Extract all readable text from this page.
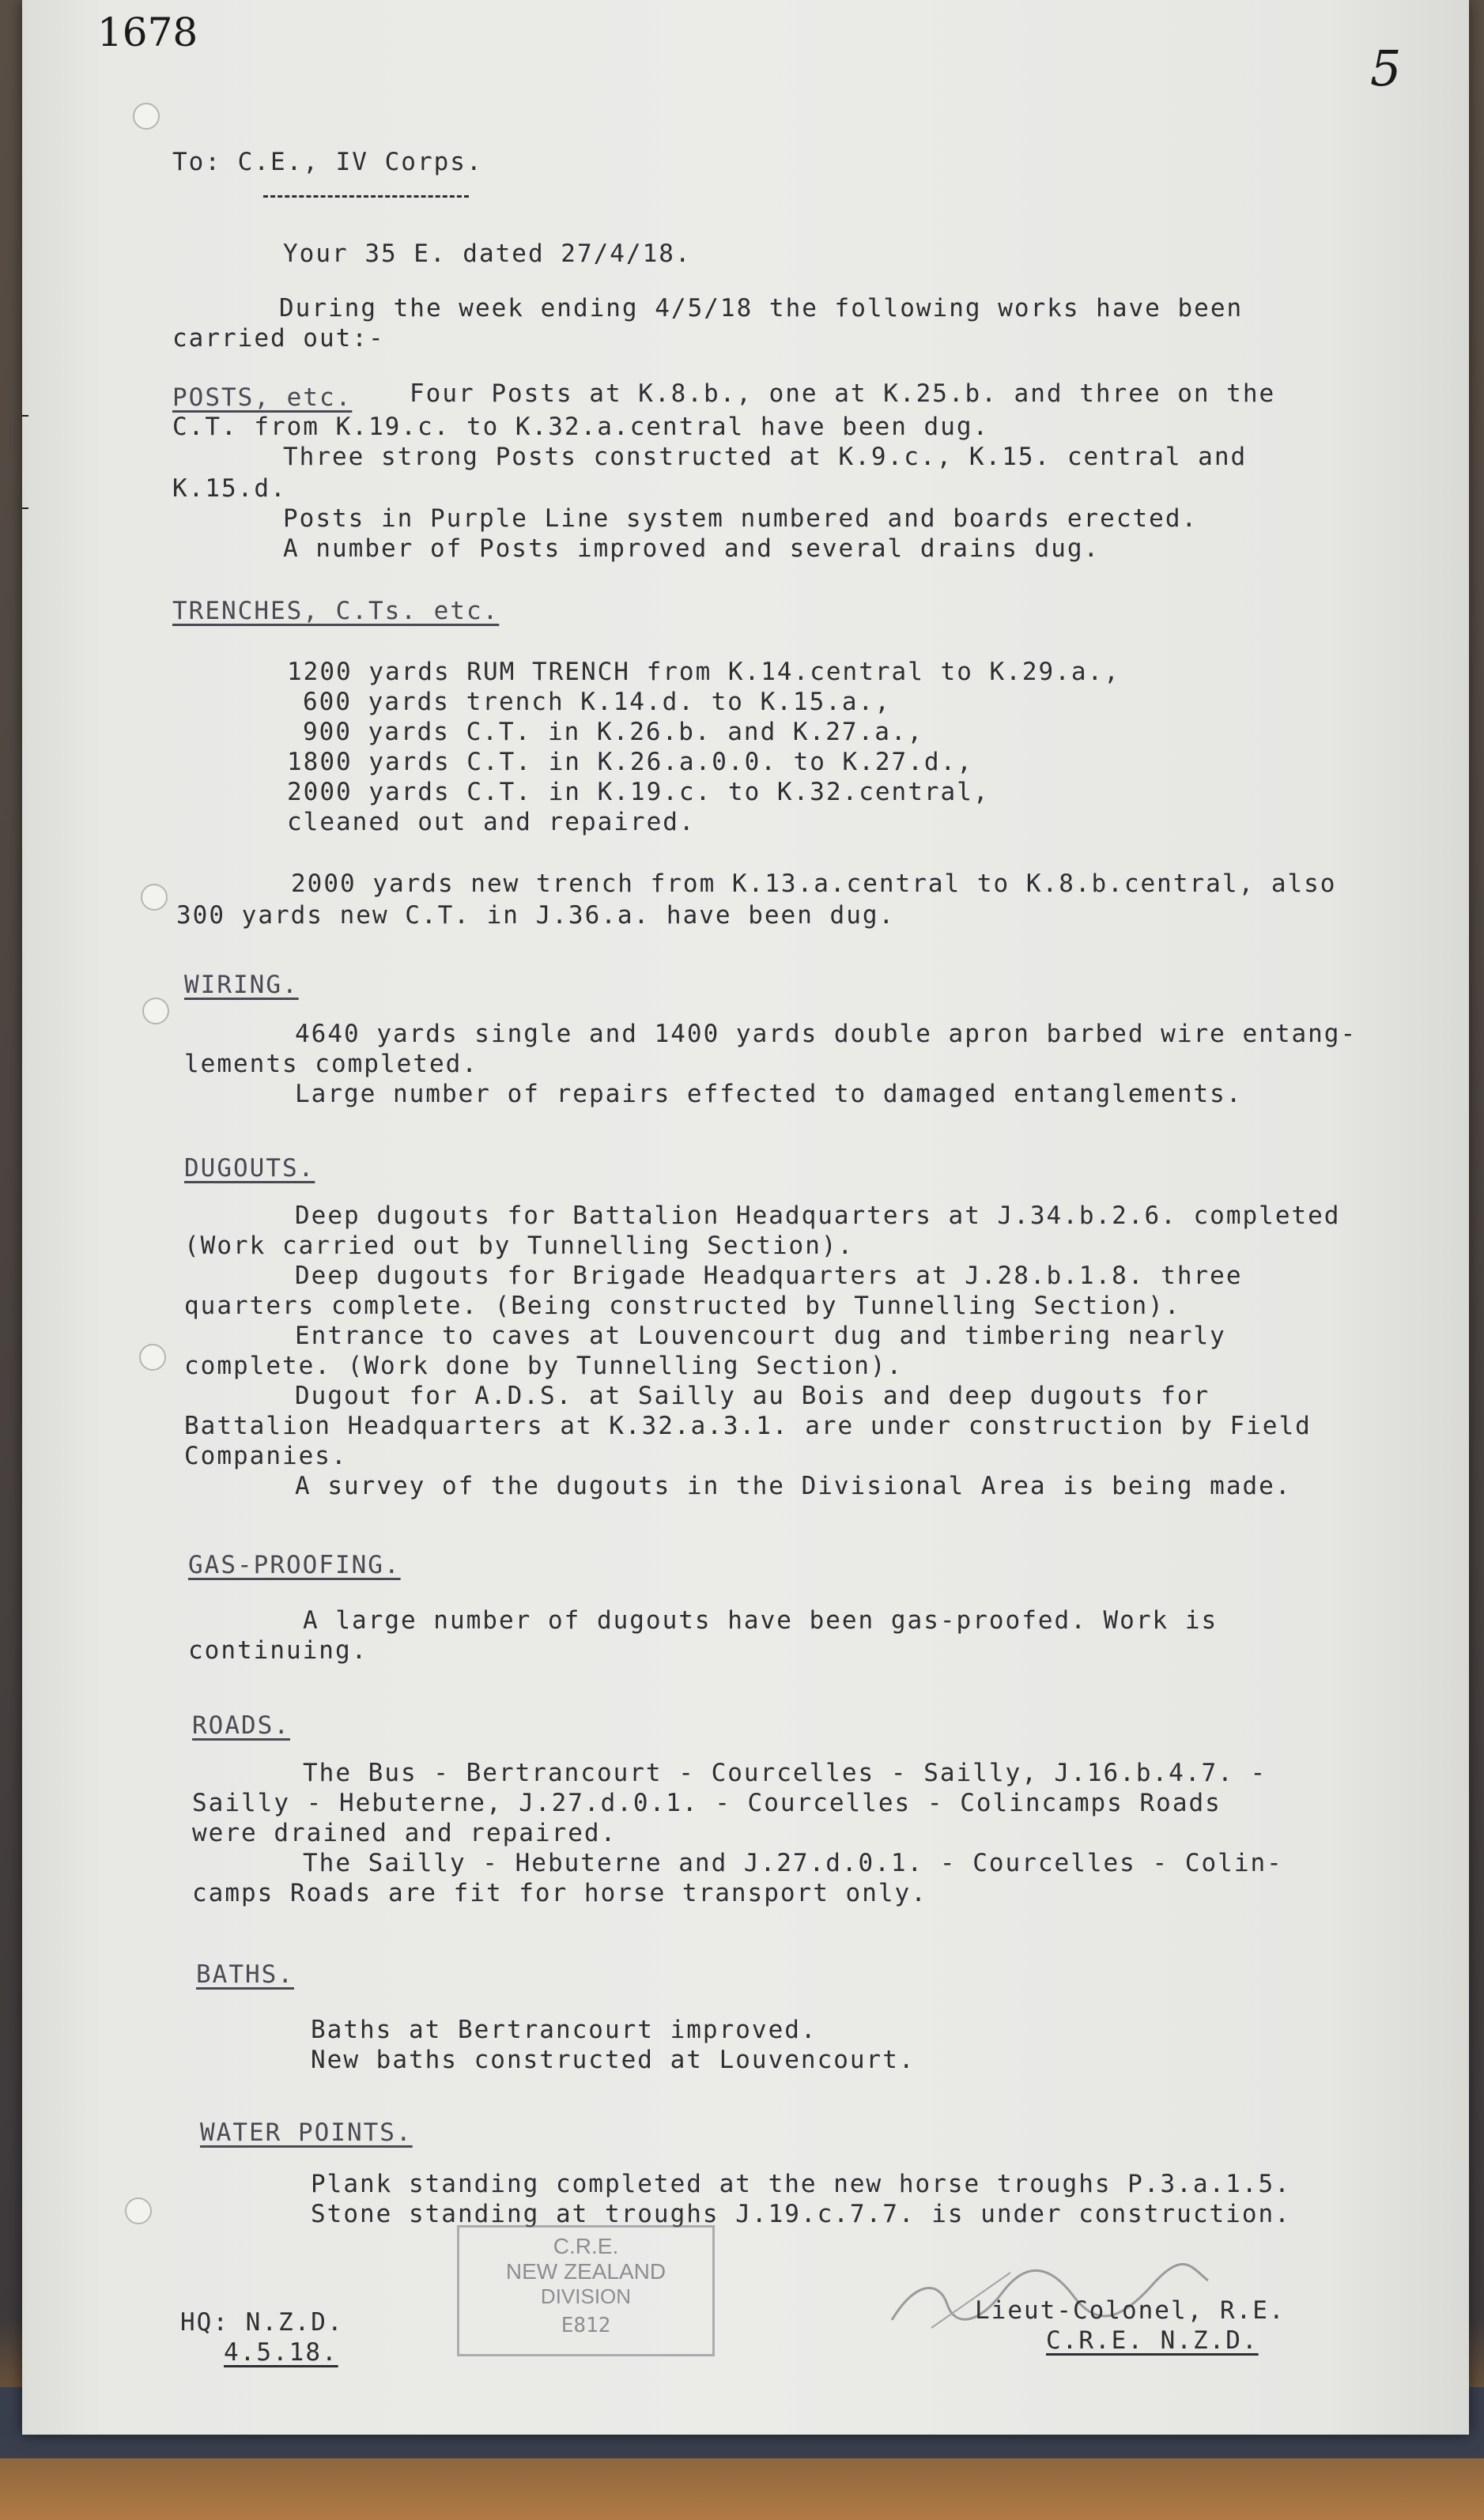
1678
5
To: C.E., IV Corps.
Your 35 E. dated 27/4/18.
During the week ending 4/5/18 the following works have been
carried out:-
POSTS, etc. Four Posts at K.8.b., one at K.25.b. and three on the
C.T. from K.19.c. to K.32.a.central have been dug.
Three strong Posts constructed at K.9.c., K.15. central and
K.15.d.
Posts in Purple Line system numbered and boards erected.
A number of Posts improved and several drains dug.
TRENCHES, C.Ts. etc.
1200 yards RUM TRENCH from K.14.central to K.29.a.,
600 yards trench K.14.d. to K.15.a.,
900 yards C.T. in K.26.b. and K.27.a.,
1800 yards C.T. in K.26.a.0.0. to K.27.d.,
2000 yards C.T. in K.19.c. to K.32.central,
cleaned out and repaired.
2000 yards new trench from K.13.a.central to K.8.b.central, also
300 yards new C.T. in J.36.a. have been dug.
WIRING.
4640 yards single and 1400 yards double apron barbed wire entang-
lements completed.
Large number of repairs effected to damaged entanglements.
DUGOUTS.
Deep dugouts for Battalion Headquarters at J.34.b.2.6. completed
(Work carried out by Tunnelling Section).
Deep dugouts for Brigade Headquarters at J.28.b.1.8. three
quarters complete. (Being constructed by Tunnelling Section).
Entrance to caves at Louvencourt dug and timbering nearly
complete. (Work done by Tunnelling Section).
Dugout for A.D.S. at Sailly au Bois and deep dugouts for
Battalion Headquarters at K.32.a.3.1. are under construction by Field
Companies.
A survey of the dugouts in the Divisional Area is being made.
GAS-PROOFING.
A large number of dugouts have been gas-proofed. Work is
continuing.
ROADS.
The Bus - Bertrancourt - Courcelles - Sailly, J.16.b.4.7. -
Sailly - Hebuterne, J.27.d.0.1. - Courcelles - Colincamps Roads
were drained and repaired.
The Sailly - Hebuterne and J.27.d.0.1. - Courcelles - Colin-
camps Roads are fit for horse transport only.
BATHS.
Baths at Bertrancourt improved.
New baths constructed at Louvencourt.
WATER POINTS.
Plank standing completed at the new horse troughs P.3.a.1.5.
Stone standing at troughs J.19.c.7.7. is under construction.
C.R.E.
NEW ZEALAND
DIVISION
E812
HQ: N.Z.D.
4.5.18.
Lieut-Colonel, R.E.
C.R.E. N.Z.D.
